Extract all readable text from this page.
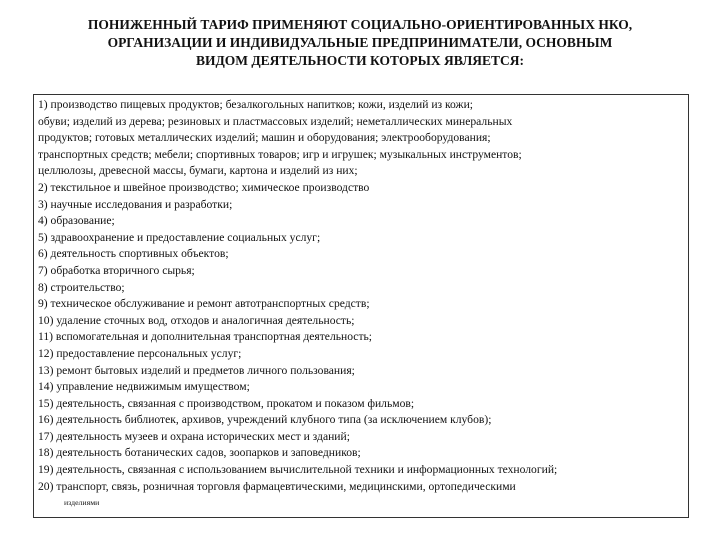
ПОНИЖЕННЫЙ ТАРИФ ПРИМЕНЯЮТ СОЦИАЛЬНО-ОРИЕНТИРОВАННЫХ НКО,
ОРГАНИЗАЦИИ И ИНДИВИДУАЛЬНЫЕ ПРЕДПРИНИМАТЕЛИ, ОСНОВНЫМ
ВИДОМ ДЕЯТЕЛЬНОСТИ КОТОРЫХ ЯВЛЯЕТСЯ:

1) производство пищевых продуктов; безалкогольных напитков; кожи, изделий из кожи;

обуви; изделий из дерева; резиновых и пластмассовых изделий; неметаллических минеральных

продуктов; готовых металлических изделий; машин и оборудования; электрооборудования;

транспортных средств; мебели; спортивных товаров; игр и игрушек; музыкальных инструментов;

целлюлозы, древесной массы, бумаги, картона и изделий из них;

2) текстильное и швейное производство; химическое производство

3) научные исследования и разработки;

4) образование;

5) здравоохранение и предоставление социальных услуг;

6) деятельность спортивных объектов;

7) обработка вторичного сырья;

8) строительство;

9) техническое обслуживание и ремонт автотранспортных средств;

10) удаление сточных вод, отходов и аналогичная деятельность;

11) вспомогательная и дополнительная транспортная деятельность;

12) предоставление персональных услуг;

13) ремонт бытовых изделий и предметов личного пользования;

14) управление недвижимым имуществом;

15) деятельность, связанная с производством, прокатом и показом фильмов;

16) деятельность библиотек, архивов, учреждений клубного типа (за исключением клубов);

17) деятельность музеев и охрана исторических мест и зданий;

18) деятельность ботанических садов, зоопарков и заповедников;

19) деятельность, связанная с использованием вычислительной техники и информационных технологий;

20) транспорт, связь, розничная торговля фармацевтическими, медицинскими, ортопедическими

изделиями
